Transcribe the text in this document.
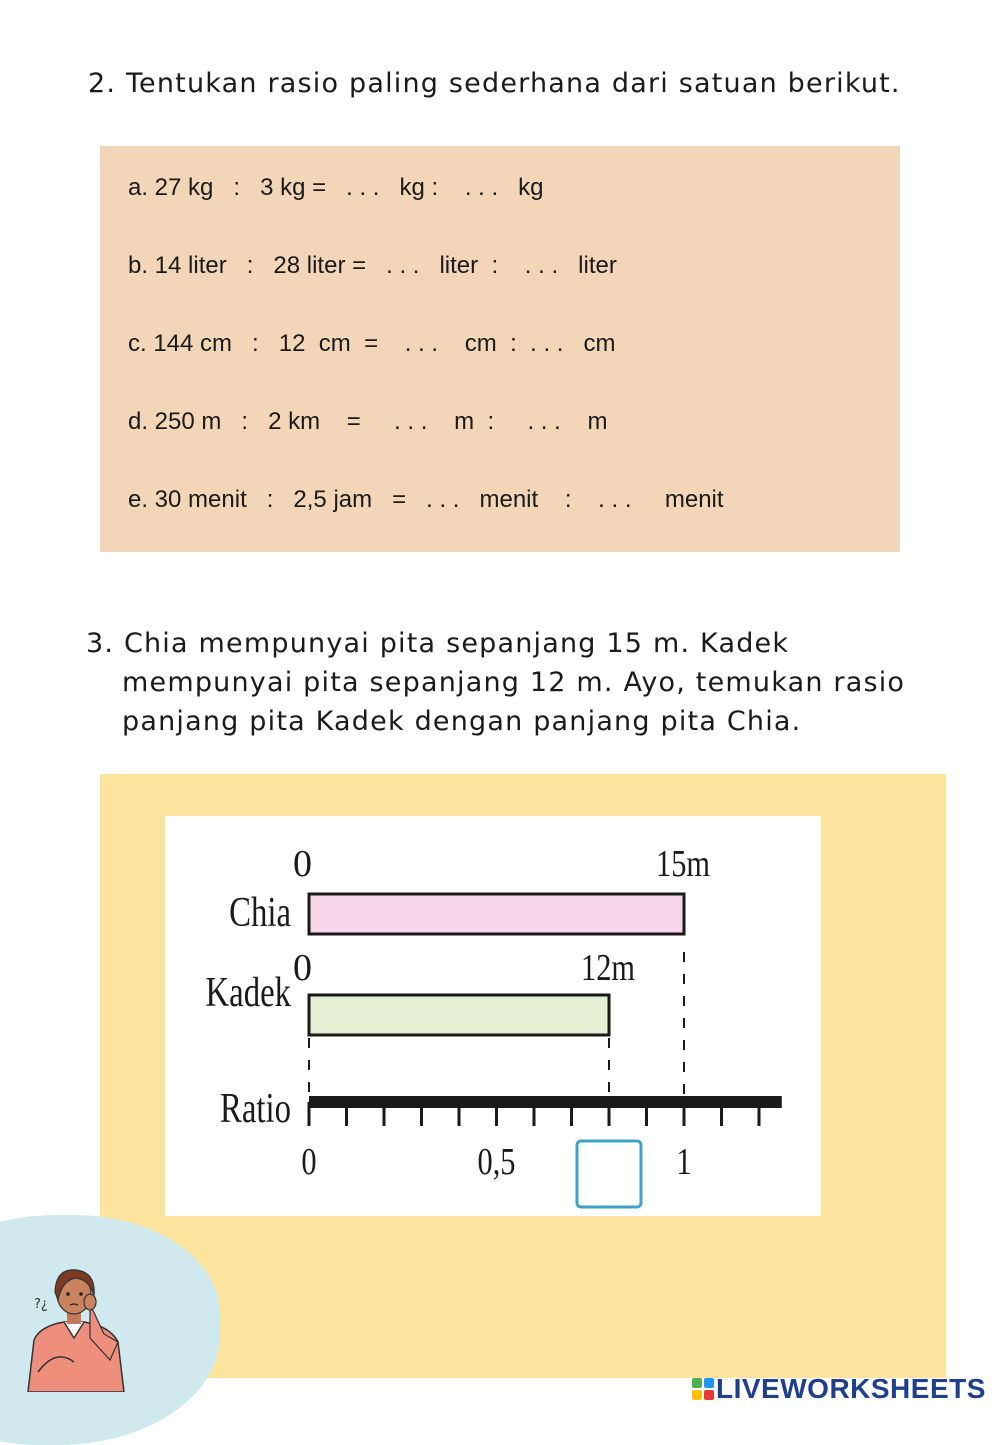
2. Tentukan rasio paling sederhana dari satuan berikut.
a. 27 kg   :   3 kg =   . . .   kg :    . . .   kg
b. 14 liter   :   28 liter =   . . .   liter  :    . . .   liter
c. 144 cm   :   12  cm  =    . . .    cm  :  . . .   cm
d. 250 m   :   2 km    =     . . .    m  :     . . .    m
e. 30 menit   :   2,5 jam   =   . . .   menit    :    . . .     menit
3. Chia mempunyai pita sepanjang 15 m. Kadek
mempunyai pita sepanjang 12 m. Ayo, temukan rasio
panjang pita Kadek dengan panjang pita Chia.
Chia
0	15m
Kadek
0	12m
Ratio
0	0,5	1
?¿
LIVEWORKSHEETS
